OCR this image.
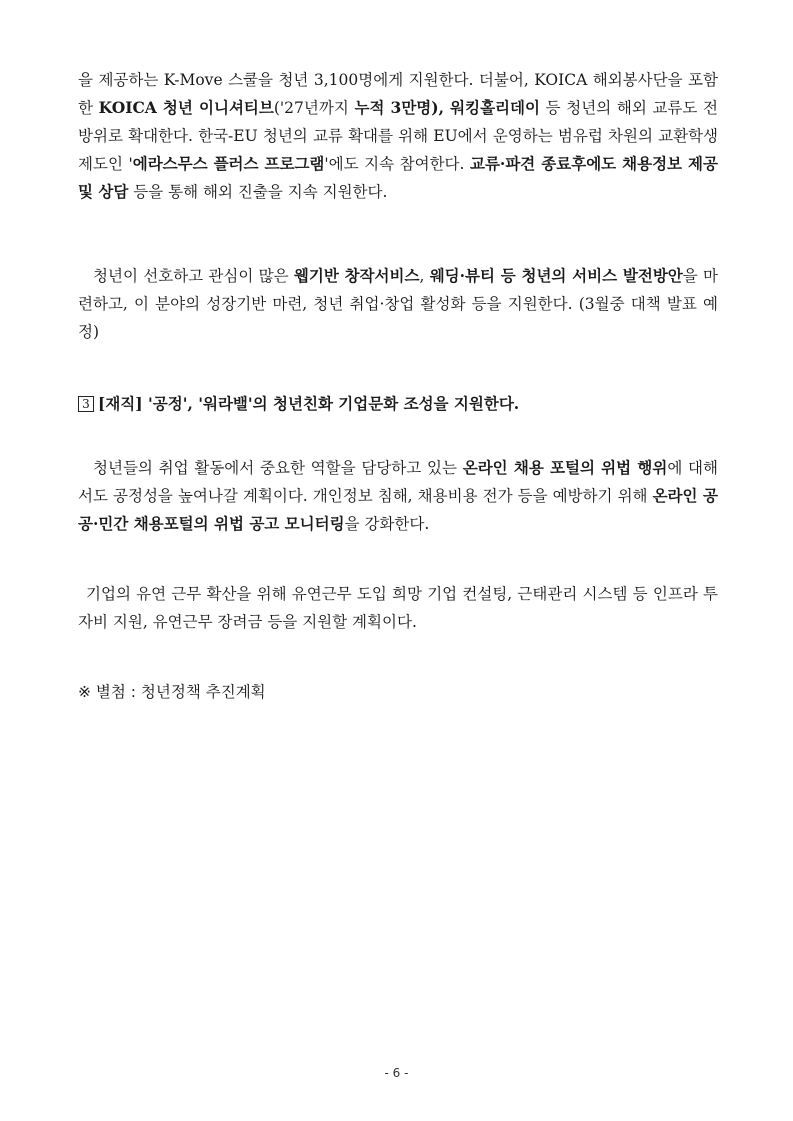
을 제공하는 K-Move 스쿨을 청년 3,100명에게 지원한다. 더불어, KOICA 해외봉사단을 포함한 KOICA 청년 이니셔티브('27년까지 누적 3만명), 워킹홀리데이 등 청년의 해외 교류도 전방위로 확대한다. 한국-EU 청년의 교류 확대를 위해 EU에서 운영하는 범유럽 차원의 교환학생 제도인 '에라스무스 플러스 프로그램'에도 지속 참여한다. 교류·파견 종료후에도 채용정보 제공 및 상담 등을 통해 해외 진출을 지속 지원한다.

청년이 선호하고 관심이 많은 웹기반 창작서비스, 웨딩·뷰티 등 청년의 서비스 발전방안을 마련하고, 이 분야의 성장기반 마련, 청년 취업·창업 활성화 등을 지원한다. (3월중 대책 발표 예정)

3 [재직] '공정', '워라밸'의 청년친화 기업문화 조성을 지원한다.

청년들의 취업 활동에서 중요한 역할을 담당하고 있는 온라인 채용 포털의 위법 행위에 대해서도 공정성을 높여나갈 계획이다. 개인정보 침해, 채용비용 전가 등을 예방하기 위해 온라인 공공·민간 채용포털의 위법 공고 모니터링을 강화한다.

기업의 유연 근무 확산을 위해 유연근무 도입 희망 기업 컨설팅, 근태관리 시스템 등 인프라 투자비 지원, 유연근무 장려금 등을 지원할 계획이다.

※ 별첨 : 청년정책 추진계획

- 6 -
